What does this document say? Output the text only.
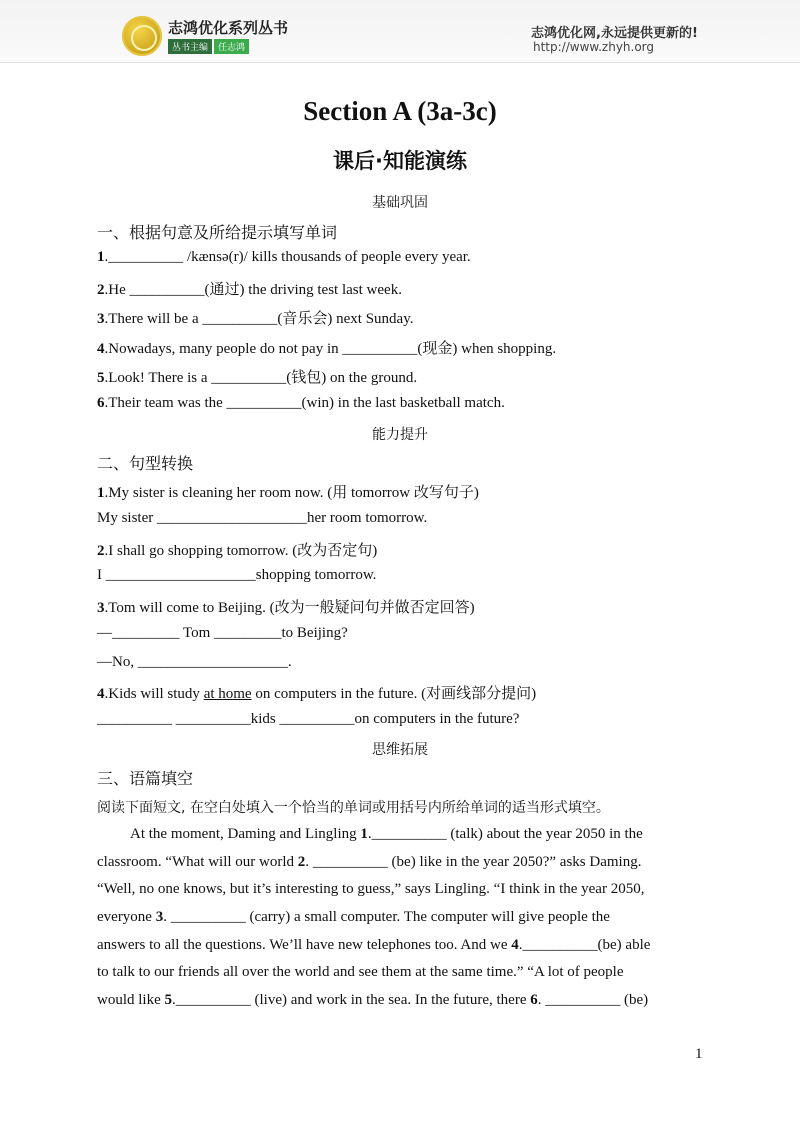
志鸿优化系列丛书
丛书主编	任志鸿
志鸿优化网,永远提供更新的!
http://www.zhyh.org
Section A (3a-3c)
课后·知能演练
基础巩固
一、根据句意及所给提示填写单词
1.__________ /kænsə(r)/ kills thousands of people every year.
2.He __________(通过) the driving test last week.
3.There will be a __________(音乐会) next Sunday.
4.Nowadays, many people do not pay in __________(现金) when shopping.
5.Look! There is a __________(钱包) on the ground.
6.Their team was the __________(win) in the last basketball match.
能力提升
二、句型转换
1.My sister is cleaning her room now. (用 tomorrow 改写句子)
My sister ____________________her room tomorrow.
2.I shall go shopping tomorrow. (改为否定句)
I ____________________shopping tomorrow.
3.Tom will come to Beijing. (改为一般疑问句并做否定回答)
—_________ Tom _________to Beijing?
—No, ____________________.
4.Kids will study at home on computers in the future. (对画线部分提问)
__________ __________kids __________on computers in the future?
思维拓展
三、语篇填空
阅读下面短文, 在空白处填入一个恰当的单词或用括号内所给单词的适当形式填空。
At the moment, Daming and Lingling 1.__________ (talk) about the year 2050 in the
classroom. “What will our world 2. __________ (be) like in the year 2050?” asks Daming.
“Well, no one knows, but it’s interesting to guess,” says Lingling. “I think in the year 2050,
everyone 3. __________ (carry) a small computer. The computer will give people the
answers to all the questions. We’ll have new telephones too. And we 4.__________(be) able
to talk to our friends all over the world and see them at the same time.” “A lot of people
would like 5.__________ (live) and work in the sea. In the future, there 6. __________ (be)
1
